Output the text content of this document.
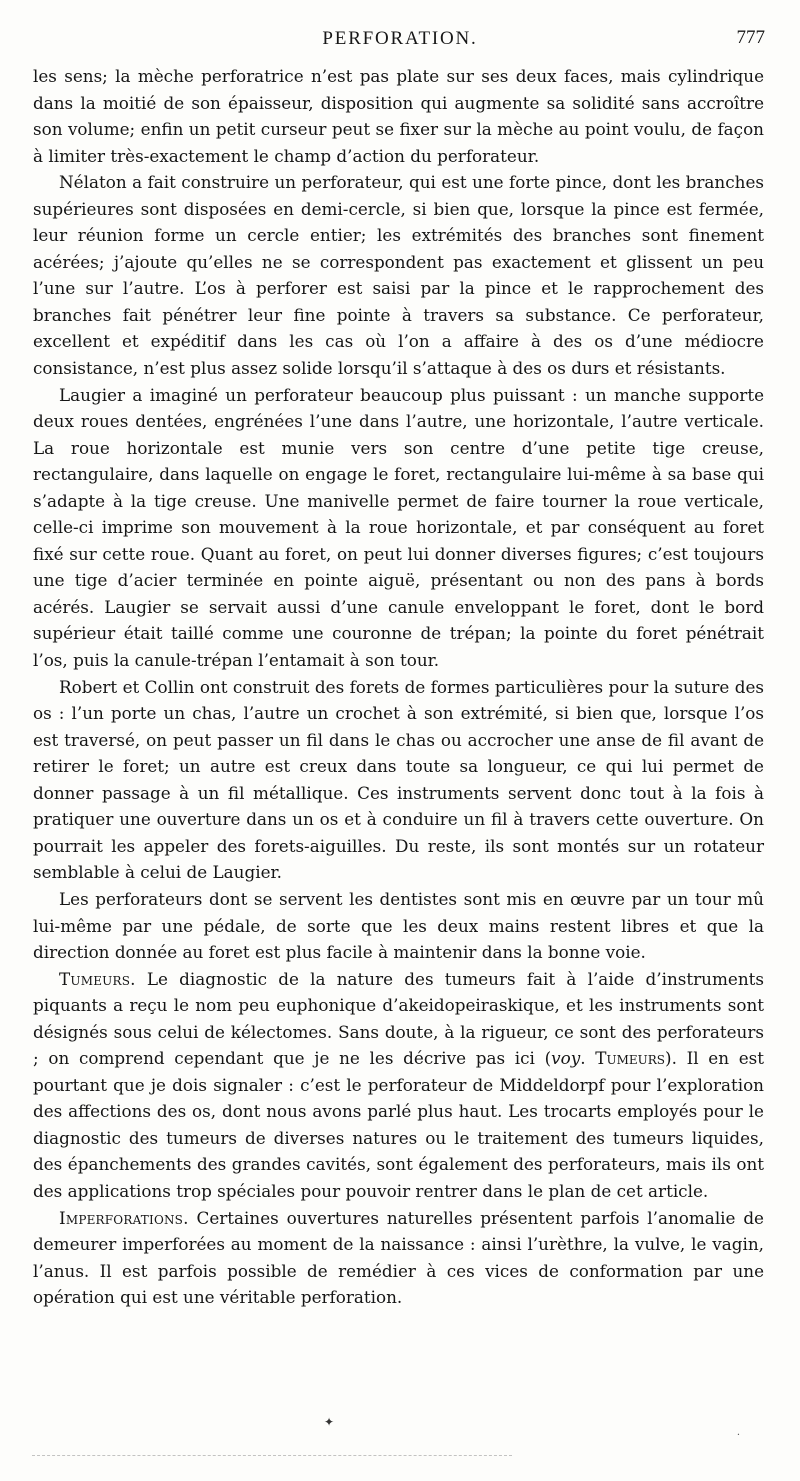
PERFORATION.	777

les sens; la mèche perforatrice n’est pas plate sur ses deux faces, mais cylindrique dans la moitié de son épaisseur, disposition qui augmente sa solidité sans accroître son volume; enfin un petit curseur peut se fixer sur la mèche au point voulu, de façon à limiter très-exactement le champ d’action du perforateur.

Nélaton a fait construire un perforateur, qui est une forte pince, dont les branches supérieures sont disposées en demi-cercle, si bien que, lorsque la pince est fermée, leur réunion forme un cercle entier; les extrémités des branches sont finement acérées; j’ajoute qu’elles ne se correspondent pas exactement et glissent un peu l’une sur l’autre. L’os à perforer est saisi par la pince et le rapprochement des branches fait pénétrer leur fine pointe à travers sa substance. Ce perforateur, excellent et expéditif dans les cas où l’on a affaire à des os d’une médiocre consistance, n’est plus assez solide lorsqu’il s’attaque à des os durs et résistants.

Laugier a imaginé un perforateur beaucoup plus puissant : un manche supporte deux roues dentées, engrénées l’une dans l’autre, une horizontale, l’autre verticale. La roue horizontale est munie vers son centre d’une petite tige creuse, rectangulaire, dans laquelle on engage le foret, rectangulaire lui-même à sa base qui s’adapte à la tige creuse. Une manivelle permet de faire tourner la roue verticale, celle-ci imprime son mouvement à la roue horizontale, et par conséquent au foret fixé sur cette roue. Quant au foret, on peut lui donner diverses figures; c’est toujours une tige d’acier terminée en pointe aiguë, présentant ou non des pans à bords acérés. Laugier se servait aussi d’une canule enveloppant le foret, dont le bord supérieur était taillé comme une couronne de trépan; la pointe du foret pénétrait l’os, puis la canule-trépan l’entamait à son tour.

Robert et Collin ont construit des forets de formes particulières pour la suture des os : l’un porte un chas, l’autre un crochet à son extrémité, si bien que, lorsque l’os est traversé, on peut passer un fil dans le chas ou accrocher une anse de fil avant de retirer le foret; un autre est creux dans toute sa longueur, ce qui lui permet de donner passage à un fil métallique. Ces instruments servent donc tout à la fois à pratiquer une ouverture dans un os et à conduire un fil à travers cette ouverture. On pourrait les appeler des forets-aiguilles. Du reste, ils sont montés sur un rotateur semblable à celui de Laugier.

Les perforateurs dont se servent les dentistes sont mis en œuvre par un tour mû lui-même par une pédale, de sorte que les deux mains restent libres et que la direction donnée au foret est plus facile à maintenir dans la bonne voie.

Tumeurs. Le diagnostic de la nature des tumeurs fait à l’aide d’instruments piquants a reçu le nom peu euphonique d’akeidopeiraskique, et les instruments sont désignés sous celui de kélectomes. Sans doute, à la rigueur, ce sont des perforateurs ; on comprend cependant que je ne les décrive pas ici (voy. Tumeurs). Il en est pourtant que je dois signaler : c’est le perforateur de Middeldorpf pour l’exploration des affections des os, dont nous avons parlé plus haut. Les trocarts employés pour le diagnostic des tumeurs de diverses natures ou le traitement des tumeurs liquides, des épanchements des grandes cavités, sont également des perforateurs, mais ils ont des applications trop spéciales pour pouvoir rentrer dans le plan de cet article.

Imperforations. Certaines ouvertures naturelles présentent parfois l’anomalie de demeurer imperforées au moment de la naissance : ainsi l’urèthre, la vulve, le vagin, l’anus. Il est parfois possible de remédier à ces vices de conformation par une opération qui est une véritable perforation.

✦
·
